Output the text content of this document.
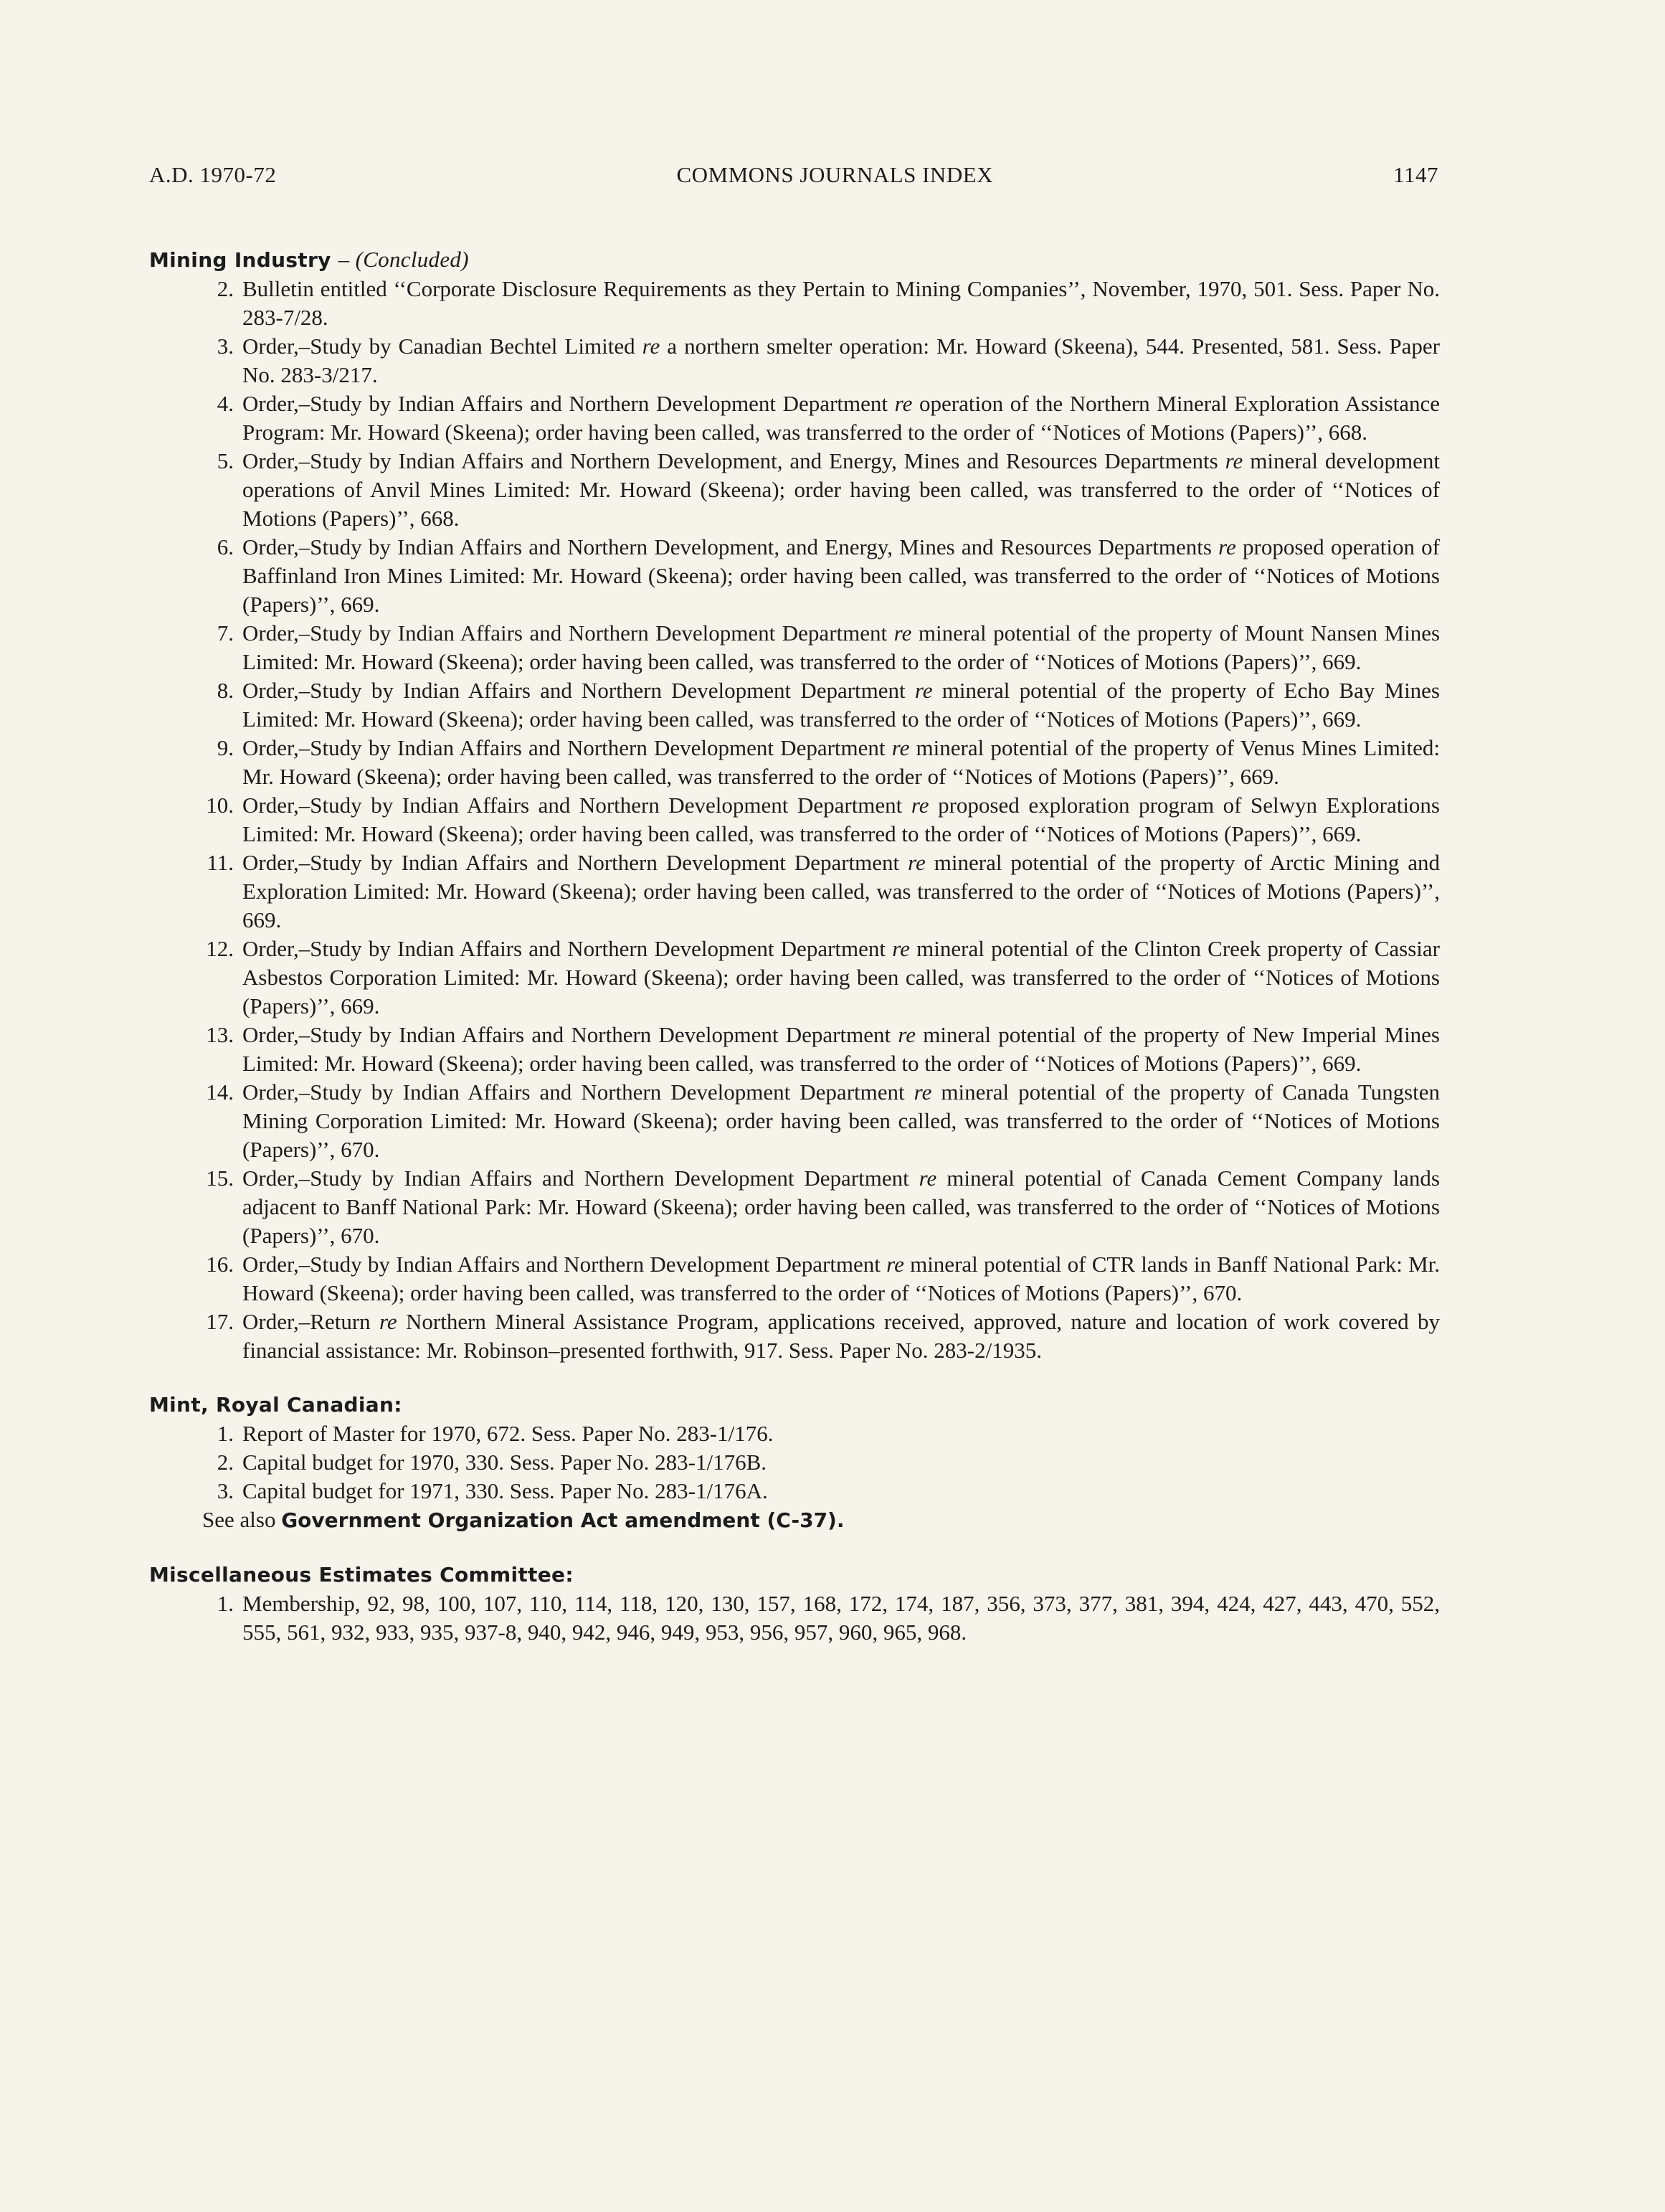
A.D. 1970-72	COMMONS JOURNALS INDEX	1147
Mining Industry – (Concluded)
2. Bulletin entitled ‘‘Corporate Disclosure Requirements as they Pertain to Mining Companies’’, November, 1970, 501. Sess. Paper No. 283-7/28.
3. Order,–Study by Canadian Bechtel Limited re a northern smelter operation: Mr. Howard (Skeena), 544. Presented, 581. Sess. Paper No. 283-3/217.
4. Order,–Study by Indian Affairs and Northern Development Department re operation of the Northern Mineral Exploration Assistance Program: Mr. Howard (Skeena); order having been called, was transferred to the order of ‘‘Notices of Motions (Papers)’’, 668.
5. Order,–Study by Indian Affairs and Northern Development, and Energy, Mines and Resources Departments re mineral development operations of Anvil Mines Limited: Mr. Howard (Skeena); order having been called, was transferred to the order of ‘‘Notices of Motions (Papers)’’, 668.
6. Order,–Study by Indian Affairs and Northern Development, and Energy, Mines and Resources Departments re proposed operation of Baffinland Iron Mines Limited: Mr. Howard (Skeena); order having been called, was transferred to the order of ‘‘Notices of Motions (Papers)’’, 669.
7. Order,–Study by Indian Affairs and Northern Development Department re mineral potential of the property of Mount Nansen Mines Limited: Mr. Howard (Skeena); order having been called, was transferred to the order of ‘‘Notices of Motions (Papers)’’, 669.
8. Order,–Study by Indian Affairs and Northern Development Department re mineral potential of the property of Echo Bay Mines Limited: Mr. Howard (Skeena); order having been called, was transferred to the order of ‘‘Notices of Motions (Papers)’’, 669.
9. Order,–Study by Indian Affairs and Northern Development Department re mineral potential of the property of Venus Mines Limited: Mr. Howard (Skeena); order having been called, was transferred to the order of ‘‘Notices of Motions (Papers)’’, 669.
10. Order,–Study by Indian Affairs and Northern Development Department re proposed exploration program of Selwyn Explorations Limited: Mr. Howard (Skeena); order having been called, was transferred to the order of ‘‘Notices of Motions (Papers)’’, 669.
11. Order,–Study by Indian Affairs and Northern Development Department re mineral potential of the property of Arctic Mining and Exploration Limited: Mr. Howard (Skeena); order having been called, was transferred to the order of ‘‘Notices of Motions (Papers)’’, 669.
12. Order,–Study by Indian Affairs and Northern Development Department re mineral potential of the Clinton Creek property of Cassiar Asbestos Corporation Limited: Mr. Howard (Skeena); order having been called, was transferred to the order of ‘‘Notices of Motions (Papers)’’, 669.
13. Order,–Study by Indian Affairs and Northern Development Department re mineral potential of the property of New Imperial Mines Limited: Mr. Howard (Skeena); order having been called, was transferred to the order of ‘‘Notices of Motions (Papers)’’, 669.
14. Order,–Study by Indian Affairs and Northern Development Department re mineral potential of the property of Canada Tungsten Mining Corporation Limited: Mr. Howard (Skeena); order having been called, was transferred to the order of ‘‘Notices of Motions (Papers)’’, 670.
15. Order,–Study by Indian Affairs and Northern Development Department re mineral potential of Canada Cement Company lands adjacent to Banff National Park: Mr. Howard (Skeena); order having been called, was transferred to the order of ‘‘Notices of Motions (Papers)’’, 670.
16. Order,–Study by Indian Affairs and Northern Development Department re mineral potential of CTR lands in Banff National Park: Mr. Howard (Skeena); order having been called, was transferred to the order of ‘‘Notices of Motions (Papers)’’, 670.
17. Order,–Return re Northern Mineral Assistance Program, applications received, approved, nature and location of work covered by financial assistance: Mr. Robinson–presented forthwith, 917. Sess. Paper No. 283-2/1935.
Mint, Royal Canadian:
1. Report of Master for 1970, 672. Sess. Paper No. 283-1/176.
2. Capital budget for 1970, 330. Sess. Paper No. 283-1/176B.
3. Capital budget for 1971, 330. Sess. Paper No. 283-1/176A.
See also Government Organization Act amendment (C-37).
Miscellaneous Estimates Committee:
1. Membership, 92, 98, 100, 107, 110, 114, 118, 120, 130, 157, 168, 172, 174, 187, 356, 373, 377, 381, 394, 424, 427, 443, 470, 552, 555, 561, 932, 933, 935, 937-8, 940, 942, 946, 949, 953, 956, 957, 960, 965, 968.
